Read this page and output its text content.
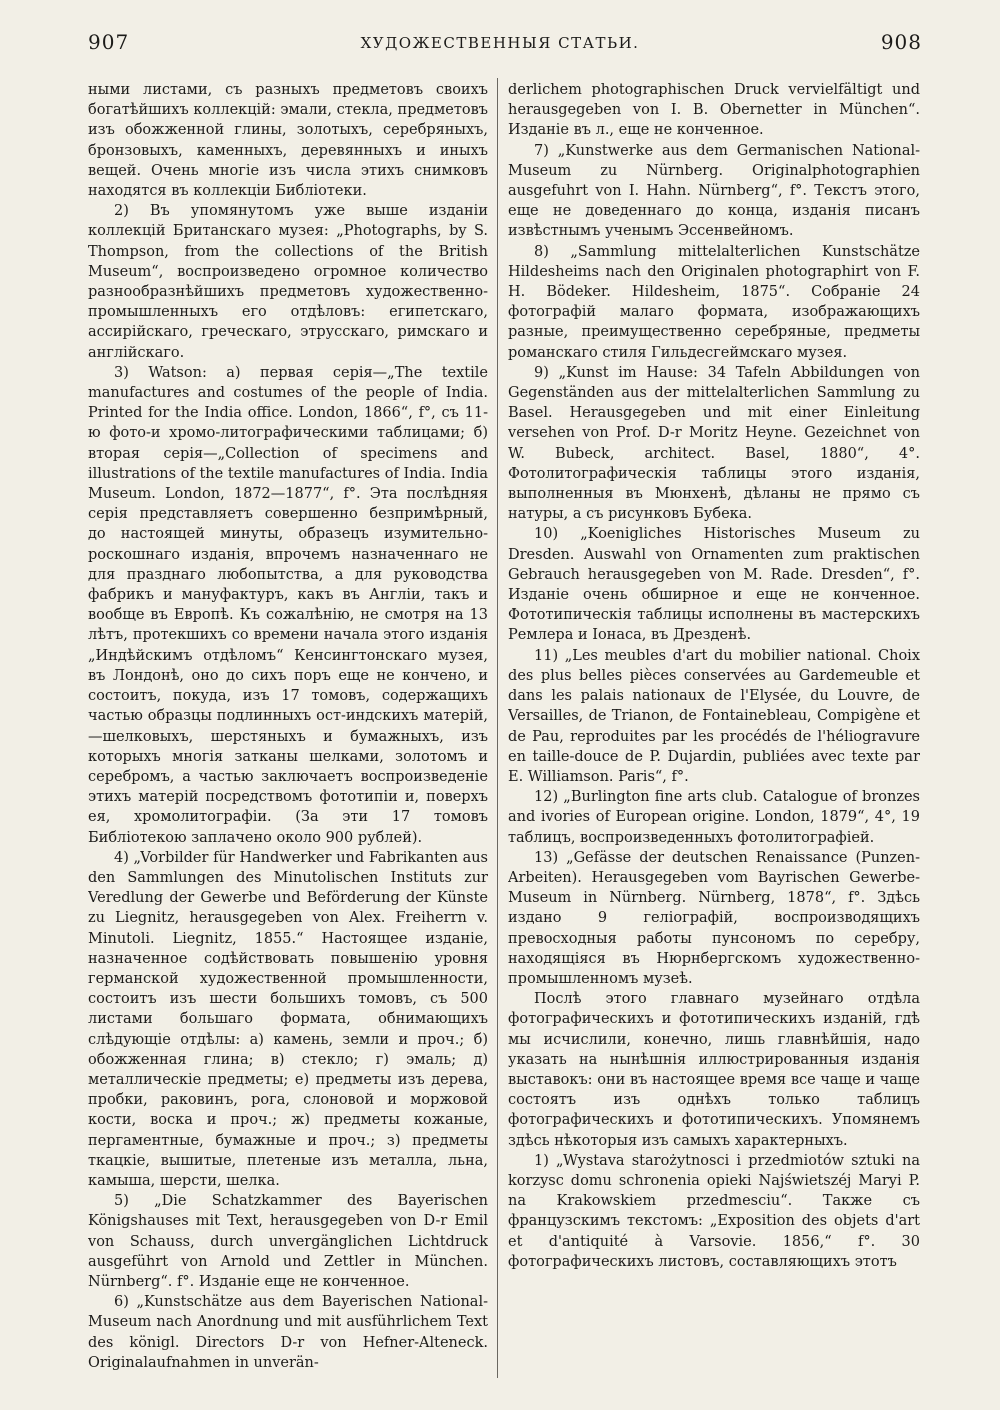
907	ХУДОЖЕСТВЕННЫЯ СТАТЬИ.	908

ными листами, съ разныхъ предметовъ своихъ богатѣйшихъ коллекцій: эмали, стекла, предметовъ изъ обожженной глины, золотыхъ, серебряныхъ, бронзовыхъ, каменныхъ, деревянныхъ и иныхъ вещей. Очень многіе изъ числа этихъ снимковъ находятся въ коллекціи Библіотеки.

2) Въ упомянутомъ уже выше изданіи коллекцій Британскаго музея: „Photographs, by S. Thompson, from the collections of the British Museum“, воспроизведено огромное количество разнообразнѣйшихъ предметовъ художественно-промышленныхъ его отдѣловъ: египетскаго, ассирійскаго, греческаго, этрусскаго, римскаго и англійскаго.

3) Watson: а) первая серія—„The textile manufactures and costumes of the people of India. Printed for the India office. London, 1866“, f°, съ 11-ю фото-и хромо-литографическими таблицами; б) вторая серія—„Collection of specimens and illustrations of the textile manufactures of India. India Museum. London, 1872—1877“, f°. Эта послѣдняя серія представляетъ совершенно безпримѣрный, до настоящей минуты, образецъ изумительно-роскошнаго изданія, впрочемъ назначеннаго не для празднаго любопытства, а для руководства фабрикъ и мануфактуръ, какъ въ Англіи, такъ и вообще въ Европѣ. Къ сожалѣнію, не смотря на 13 лѣтъ, протекшихъ со времени начала этого изданія „Индѣйскимъ отдѣломъ“ Кенсингтонскаго музея, въ Лондонѣ, оно до сихъ поръ еще не кончено, и состоитъ, покуда, изъ 17 томовъ, содержащихъ частью образцы подлинныхъ ост-индскихъ матерій,—шелковыхъ, шерстяныхъ и бумажныхъ, изъ которыхъ многія затканы шелками, золотомъ и серебромъ, а частью заключаетъ воспроизведеніе этихъ матерій посредствомъ фототипіи и, поверхъ ея, хромолитографіи. (За эти 17 томовъ Библіотекою заплачено около 900 рублей).

4) „Vorbilder für Handwerker und Fabrikanten aus den Sammlungen des Minutolischen Instituts zur Veredlung der Gewerbe und Beförderung der Künste zu Liegnitz, herausgegeben von Alex. Freiherrn v. Minutoli. Liegnitz, 1855.“ Настоящее изданіе, назначенное содѣйствовать повышенію уровня германской художественной промышленности, состоитъ изъ шести большихъ томовъ, съ 500 листами большаго формата, обнимающихъ слѣдующіе отдѣлы: а) камень, земли и проч.; б) обожженная глина; в) стекло; г) эмаль; д) металлическіе предметы; е) предметы изъ дерева, пробки, раковинъ, рога, слоновой и моржовой кости, воска и проч.; ж) предметы кожаные, пергаментные, бумажные и проч.; з) предметы ткацкіе, вышитые, плетеные изъ металла, льна, камыша, шерсти, шелка.

5) „Die Schatzkammer des Bayerischen Königshauses mit Text, herausgegeben von D-r Emil von Schauss, durch unvergänglichen Lichtdruck ausgeführt von Arnold und Zettler in München. Nürnberg“. f°. Изданіе еще не конченное.

6) „Kunstschätze aus dem Bayerischen National-Museum nach Anordnung und mit ausführlichem Text des königl. Directors D-r von Hefner-Alteneck. Originalaufnahmen in unverän-

derlichem photographischen Druck vervielfältigt und herausgegeben von I. B. Obernetter in München“. Изданіе въ л., еще не конченное.

7) „Kunstwerke aus dem Germanischen National-Museum zu Nürnberg. Originalphotographien ausgefuhrt von I. Hahn. Nürnberg“, f°. Текстъ этого, еще не доведеннаго до конца, изданія писанъ извѣстнымъ ученымъ Эссенвейномъ.

8) „Sammlung mittelalterlichen Kunstschätze Hildesheims nach den Originalen photographirt von F. H. Bödeker. Hildesheim, 1875“. Собраніе 24 фотографій малаго формата, изображающихъ разные, преимущественно серебряные, предметы романскаго стиля Гильдесгеймскаго музея.

9) „Kunst im Hause: 34 Tafeln Abbildungen von Gegenständen aus der mittelalterlichen Sammlung zu Basel. Herausgegeben und mit einer Einleitung versehen von Prof. D-r Moritz Heyne. Gezeichnet von W. Bubeck, architect. Basel, 1880“, 4°. Фотолитографическія таблицы этого изданія, выполненныя въ Мюнхенѣ, дѣланы не прямо съ натуры, а съ рисунковъ Бубека.

10) „Koenigliches Historisches Museum zu Dresden. Auswahl von Ornamenten zum praktischen Gebrauch herausgegeben von M. Rade. Dresden“, f°. Изданіе очень обширное и еще не конченное. Фототипическія таблицы исполнены въ мастерскихъ Ремлера и Іонаса, въ Дрезденѣ.

11) „Les meubles d'art du mobilier national. Choix des plus belles pièces conservées au Gardemeuble et dans les palais nationaux de l'Elysée, du Louvre, de Versailles, de Trianon, de Fontainebleau, Compigène et de Pau, reproduites par les procédés de l'héliogravure en taille-douce de P. Dujardin, publiées avec texte par E. Williamson. Paris“, f°.

12) „Burlington fine arts club. Catalogue of bronzes and ivories of European origine. London, 1879“, 4°, 19 таблицъ, воспроизведенныхъ фотолитографіей.

13) „Gefässe der deutschen Renaissance (Punzen-Arbeiten). Herausgegeben vom Bayrischen Gewerbe-Museum in Nürnberg. Nürnberg, 1878“, f°. Здѣсь издано 9 геліографій, воспроизводящихъ превосходныя работы пунсономъ по серебру, находящіяся въ Нюрнбергскомъ художественно-промышленномъ музеѣ.

Послѣ этого главнаго музейнаго отдѣла фотографическихъ и фототипическихъ изданій, гдѣ мы исчислили, конечно, лишь главнѣйшія, надо указать на нынѣшнія иллюстрированныя изданія выставокъ: они въ настоящее время все чаще и чаще состоятъ изъ однѣхъ только таблицъ фотографическихъ и фототипическихъ. Упомянемъ здѣсь нѣкоторыя изъ самыхъ характерныхъ.

1) „Wystava starożytnosci i przedmiotów sztuki na korzysc domu schronenia opieki Najświetszéj Maryi P. na Krakowskiem przedmesciu“. Также съ французскимъ текстомъ: „Exposition des objets d'art et d'antiquité à Varsovie. 1856,“ f°. 30 фотографическихъ листовъ, составляющихъ этотъ
